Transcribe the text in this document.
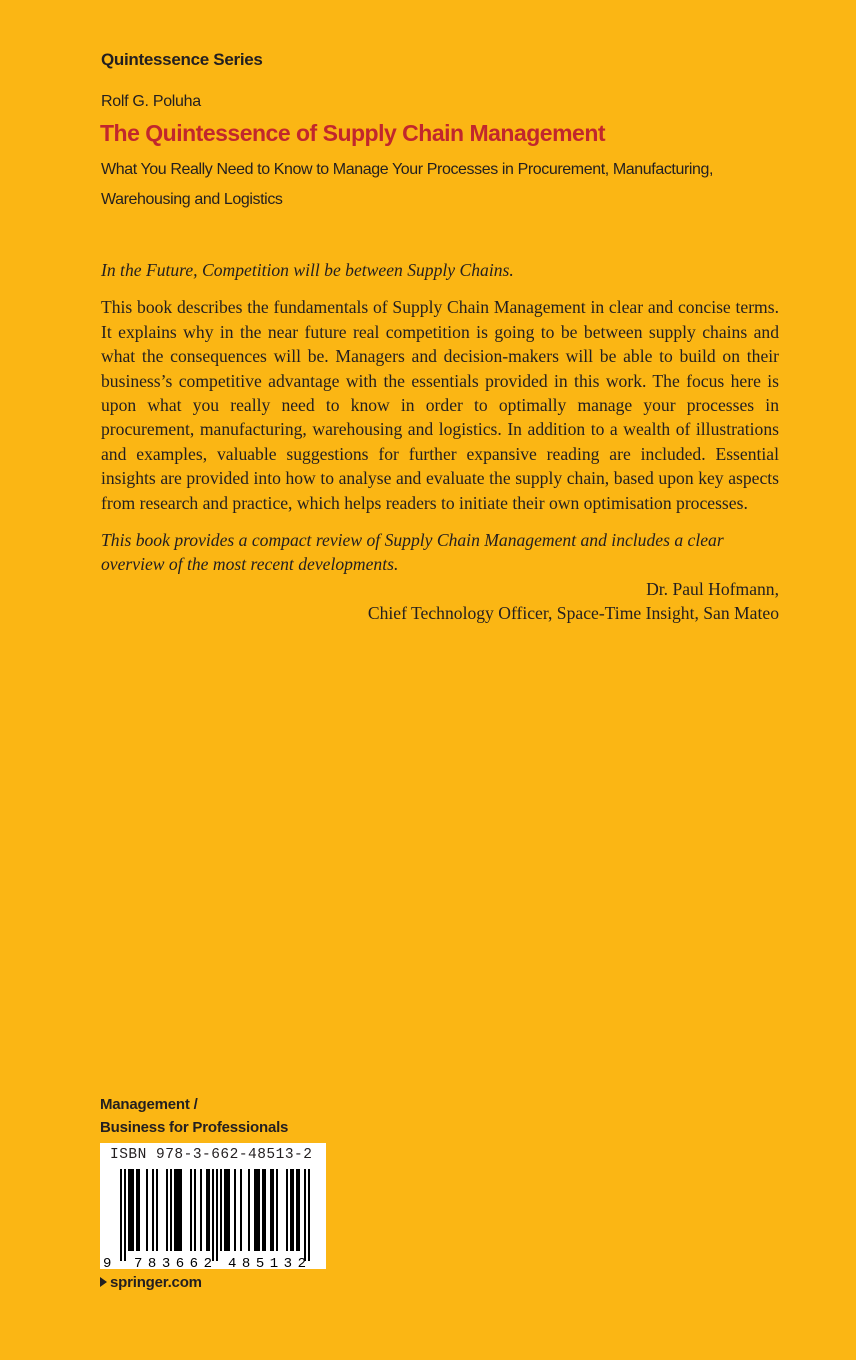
Quintessence Series
Rolf G. Poluha
The Quintessence of Supply Chain Management
What You Really Need to Know to Manage Your Processes in Procurement, Manufacturing, Warehousing and Logistics

In the Future, Competition will be between Supply Chains.

This book describes the fundamentals of Supply Chain Management in clear and concise terms. It explains why in the near future real competition is going to be between supply chains and what the consequences will be. Managers and decision-makers will be able to build on their business’s competitive advantage with the essentials provided in this work. The focus here is upon what you really need to know in order to optimally manage your processes in procurement, manufacturing, warehousing and logistics. In addition to a wealth of illustrations and examples, valuable suggestions for further expansive reading are included. Essential insights are provided into how to analyse and evaluate the supply chain, based upon key aspects from research and practice, which helps readers to initiate their own optimisation processes.

This book provides a compact review of Supply Chain Management and includes a clear overview of the most recent developments.

Dr. Paul Hofmann,

Chief Technology Officer, Space-Time Insight, San Mateo

Management /
Business for Professionals
9 783662 485132
ISBN 978-3-662-48513-2
springer.com
